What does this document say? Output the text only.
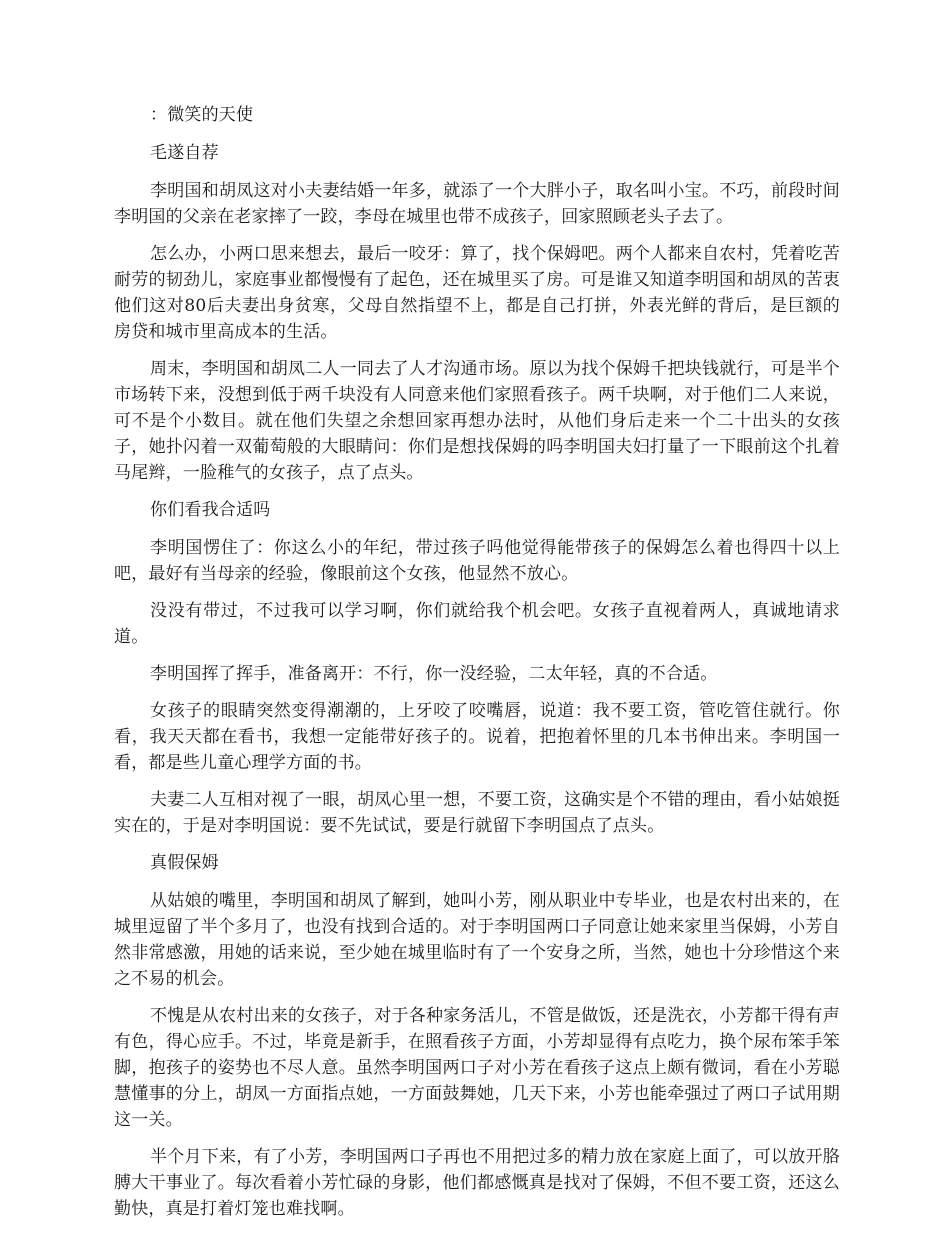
：微笑的天使

毛遂自荐

李明国和胡凤这对小夫妻结婚一年多，就添了一个大胖小子，取名叫小宝。不巧，前段时间李明国的父亲在老家摔了一跤，李母在城里也带不成孩子，回家照顾老头子去了。

怎么办，小两口思来想去，最后一咬牙：算了，找个保姆吧。两个人都来自农村，凭着吃苦耐劳的韧劲儿，家庭事业都慢慢有了起色，还在城里买了房。可是谁又知道李明国和胡凤的苦衷他们这对80后夫妻出身贫寒，父母自然指望不上，都是自己打拼，外表光鲜的背后，是巨额的房贷和城市里高成本的生活。

周末，李明国和胡凤二人一同去了人才沟通市场。原以为找个保姆千把块钱就行，可是半个市场转下来，没想到低于两千块没有人同意来他们家照看孩子。两千块啊，对于他们二人来说，可不是个小数目。就在他们失望之余想回家再想办法时，从他们身后走来一个二十出头的女孩子，她扑闪着一双葡萄般的大眼睛问：你们是想找保姆的吗李明国夫妇打量了一下眼前这个扎着马尾辫，一脸稚气的女孩子，点了点头。

你们看我合适吗

李明国愣住了：你这么小的年纪，带过孩子吗他觉得能带孩子的保姆怎么着也得四十以上吧，最好有当母亲的经验，像眼前这个女孩，他显然不放心。

没没有带过，不过我可以学习啊，你们就给我个机会吧。女孩子直视着两人，真诚地请求道。

李明国挥了挥手，准备离开：不行，你一没经验，二太年轻，真的不合适。

女孩子的眼睛突然变得潮潮的，上牙咬了咬嘴唇，说道：我不要工资，管吃管住就行。你看，我天天都在看书，我想一定能带好孩子的。说着，把抱着怀里的几本书伸出来。李明国一看，都是些儿童心理学方面的书。

夫妻二人互相对视了一眼，胡凤心里一想，不要工资，这确实是个不错的理由，看小姑娘挺实在的，于是对李明国说：要不先试试，要是行就留下李明国点了点头。

真假保姆

从姑娘的嘴里，李明国和胡凤了解到，她叫小芳，刚从职业中专毕业，也是农村出来的，在城里逗留了半个多月了，也没有找到合适的。对于李明国两口子同意让她来家里当保姆，小芳自然非常感激，用她的话来说，至少她在城里临时有了一个安身之所，当然，她也十分珍惜这个来之不易的机会。

不愧是从农村出来的女孩子，对于各种家务活儿，不管是做饭，还是洗衣，小芳都干得有声有色，得心应手。不过，毕竟是新手，在照看孩子方面，小芳却显得有点吃力，换个尿布笨手笨脚，抱孩子的姿势也不尽人意。虽然李明国两口子对小芳在看孩子这点上颇有微词，看在小芳聪慧懂事的分上，胡凤一方面指点她，一方面鼓舞她，几天下来，小芳也能牵强过了两口子试用期这一关。

半个月下来，有了小芳，李明国两口子再也不用把过多的精力放在家庭上面了，可以放开胳膊大干事业了。每次看着小芳忙碌的身影，他们都感慨真是找对了保姆，不但不要工资，还这么勤快，真是打着灯笼也难找啊。
